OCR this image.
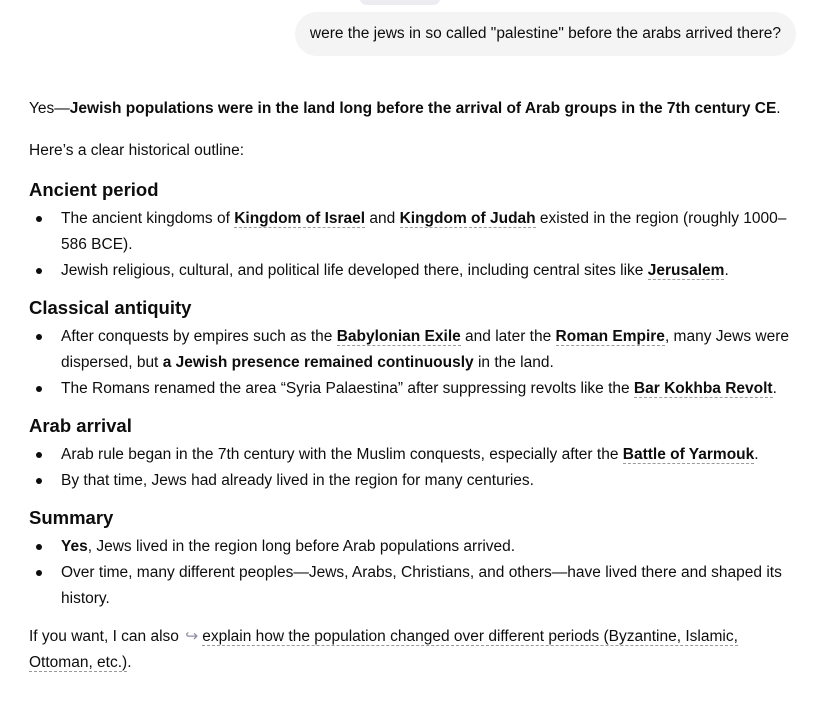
were the jews in so called "palestine" before the arabs arrived there?

Yes—Jewish populations were in the land long before the arrival of Arab groups in the 7th century CE.

Here’s a clear historical outline:

Ancient period
The ancient kingdoms of Kingdom of Israel and Kingdom of Judah existed in the region (roughly 1000–586 BCE).
Jewish religious, cultural, and political life developed there, including central sites like Jerusalem.
Classical antiquity
After conquests by empires such as the Babylonian Exile and later the Roman Empire, many Jews were dispersed, but a Jewish presence remained continuously in the land.
The Romans renamed the area “Syria Palaestina” after suppressing revolts like the Bar Kokhba Revolt.
Arab arrival
Arab rule began in the 7th century with the Muslim conquests, especially after the Battle of Yarmouk.
By that time, Jews had already lived in the region for many centuries.
Summary
Yes, Jews lived in the region long before Arab populations arrived.
Over time, many different peoples—Jews, Arabs, Christians, and others—have lived there and shaped its history.

If you want, I can also ↪ explain how the population changed over different periods (Byzantine, Islamic, Ottoman, etc.).
